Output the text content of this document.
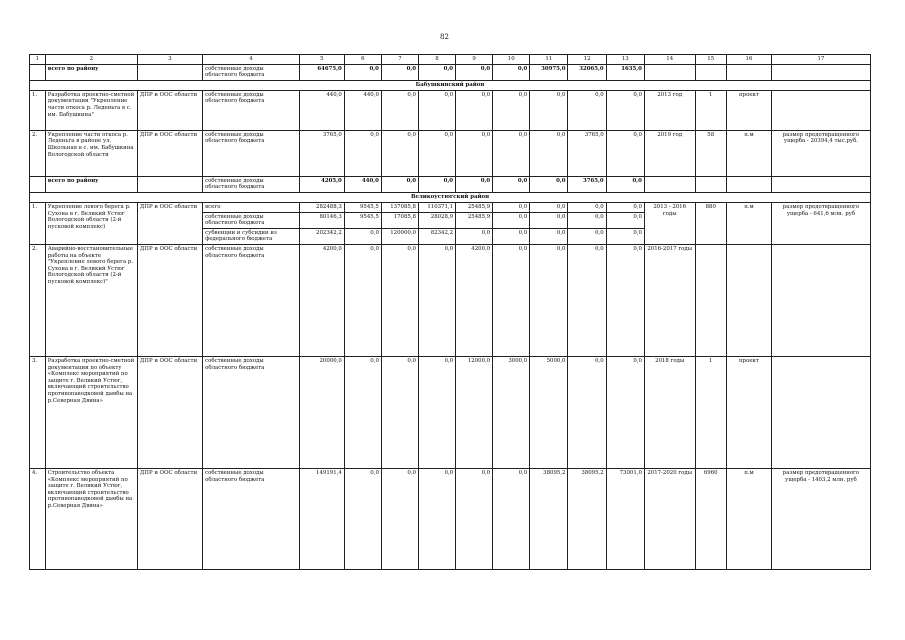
82
1	2	3	4	5	6	7	8	9	10	11	12	13	14	15	16	17
	всего по району		собственные доходы областного бюджета	64675,0	0,0	0,0	0,0	0,0	0,0	30975,0	32065,0	1635,0				
Бабушкинский район																
1.	Разработка проектно-сметной документации "Укрепление части откоса р. Леденьга в с. им. Бабушкина"	ДПР и ООС области	собственные доходы областного бюджета	440,0	440,0	0,0	0,0	0,0	0,0	0,0	0,0	0,0	2013 год	1	проект	
2.	Укрепление части откоса р. Леденьга в районе ул. Школьная в с. им. Бабушкина Вологодской области	ДПР и ООС области	собственные доходы областного бюджета	3765,0	0,0	0,0	0,0	0,0	0,0	0,0	3765,0	0,0	2019 год	58	п.м	размер предотвращенного ущерба - 20394,4 тыс.руб.
	всего по району		собственные доходы областного бюджета	4205,0	440,0	0,0	0,0	0,0	0,0	0,0	3765,0	0,0				
Великоустюгский район																
1.	Укрепление левого берега р. Сухона в г. Великий Устюг Вологодской области (2-й пусковой комплекс)	ДПР и ООС области	всего	282488,3	9545,5	137085,8	110371,1	25485,9	0,0	0,0	0,0	0,0	2013 - 2016 годы	880	п.м	размер предотвращенного ущерба - 641,6 млн. руб
			собственные доходы областного бюджета	80146,3	9545,5	17085,8	28028,9	25485,9	0,0	0,0	0,0	0,0				
			субвенции и субсидии из федерального бюджета	202342,2	0,0	120000,0	82342,2	0,0	0,0	0,0	0,0	0,0				
2.	Аварийно-восстановительные работы на объекте "Укрепление левого берега р. Сухона в г. Великий Устюг Вологодской области (2-й пусковой комплекс)"	ДПР и ООС области	собственные доходы областного бюджета	4200,0	0,0	0,0	0,0	4200,0	0,0	0,0	0,0	0,0	2016-2017 годы			
3.	Разработка проектно-сметной документации по объекту «Комплекс мероприятий по защите г. Великий Устюг, включающий строительство противопаводковой дамбы на р.Северная Двина»	ДПР и ООС области	собственные доходы областного бюджета	20000,0	0,0	0,0	0,0	12000,0	3000,0	5000,0	0,0	0,0	2018 годы	1	проект	
4.	Строительство объекта «Комплекс мероприятий по защите г. Великий Устюг, включающий строительство противопаводковой дамбы на р.Северная Двина»	ДПР и ООС области	собственные доходы областного бюджета	149191,4	0,0	0,0	0,0	0,0	0,0	38095,2	38095,2	73001,0	2017-2020 годы	6960	п.м	размер предотвращенного ущерба - 1403,2 млн. руб
